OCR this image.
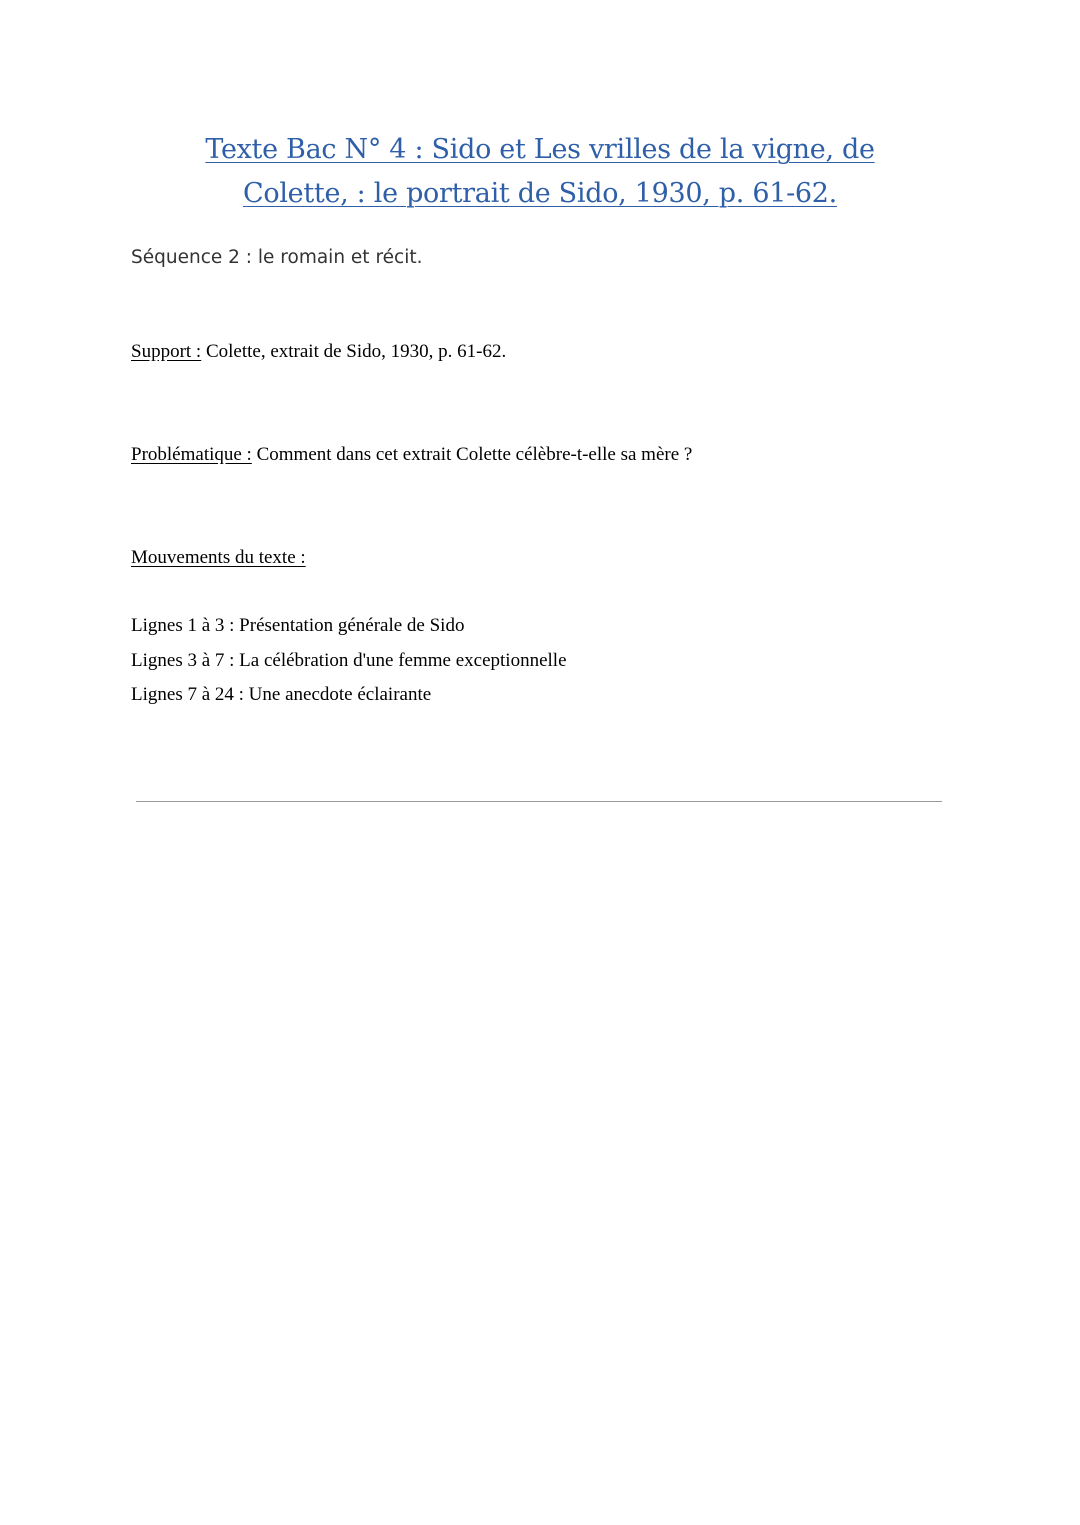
Texte Bac N° 4 : Sido et Les vrilles de la vigne, de Colette, : le portrait de Sido, 1930, p. 61-62.
Séquence 2 : le romain et récit.
Support : Colette, extrait de Sido, 1930, p. 61-62.
Problématique : Comment dans cet extrait Colette célèbre-t-elle sa mère ?
Mouvements du texte :
Lignes 1 à 3 : Présentation générale de Sido
Lignes 3 à 7 : La célébration d'une femme exceptionnelle
Lignes 7 à 24 : Une anecdote éclairante
